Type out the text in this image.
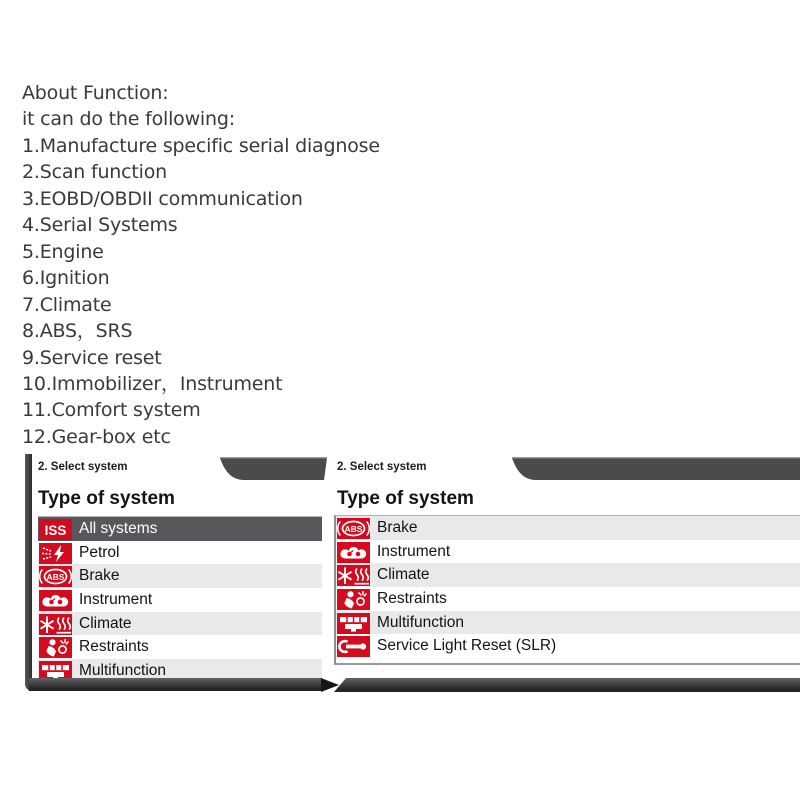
About Function:
it can do the following:
1.Manufacture specific serial diagnose
2.Scan function
3.EOBD/OBDII communication
4.Serial Systems
5.Engine
6.Ignition
7.Climate
8.ABS，SRS
9.Service reset
10.Immobilizer，Instrument
11.Comfort system
12.Gear-box etc
2. Select system
Type of system
ISS All systems
Petrol
ABS Brake
Instrument
Climate
Restraints
Multifunction
2. Select system
Type of system
ABS Brake
Instrument
Climate
Restraints
Multifunction
Service Light Reset (SLR)
